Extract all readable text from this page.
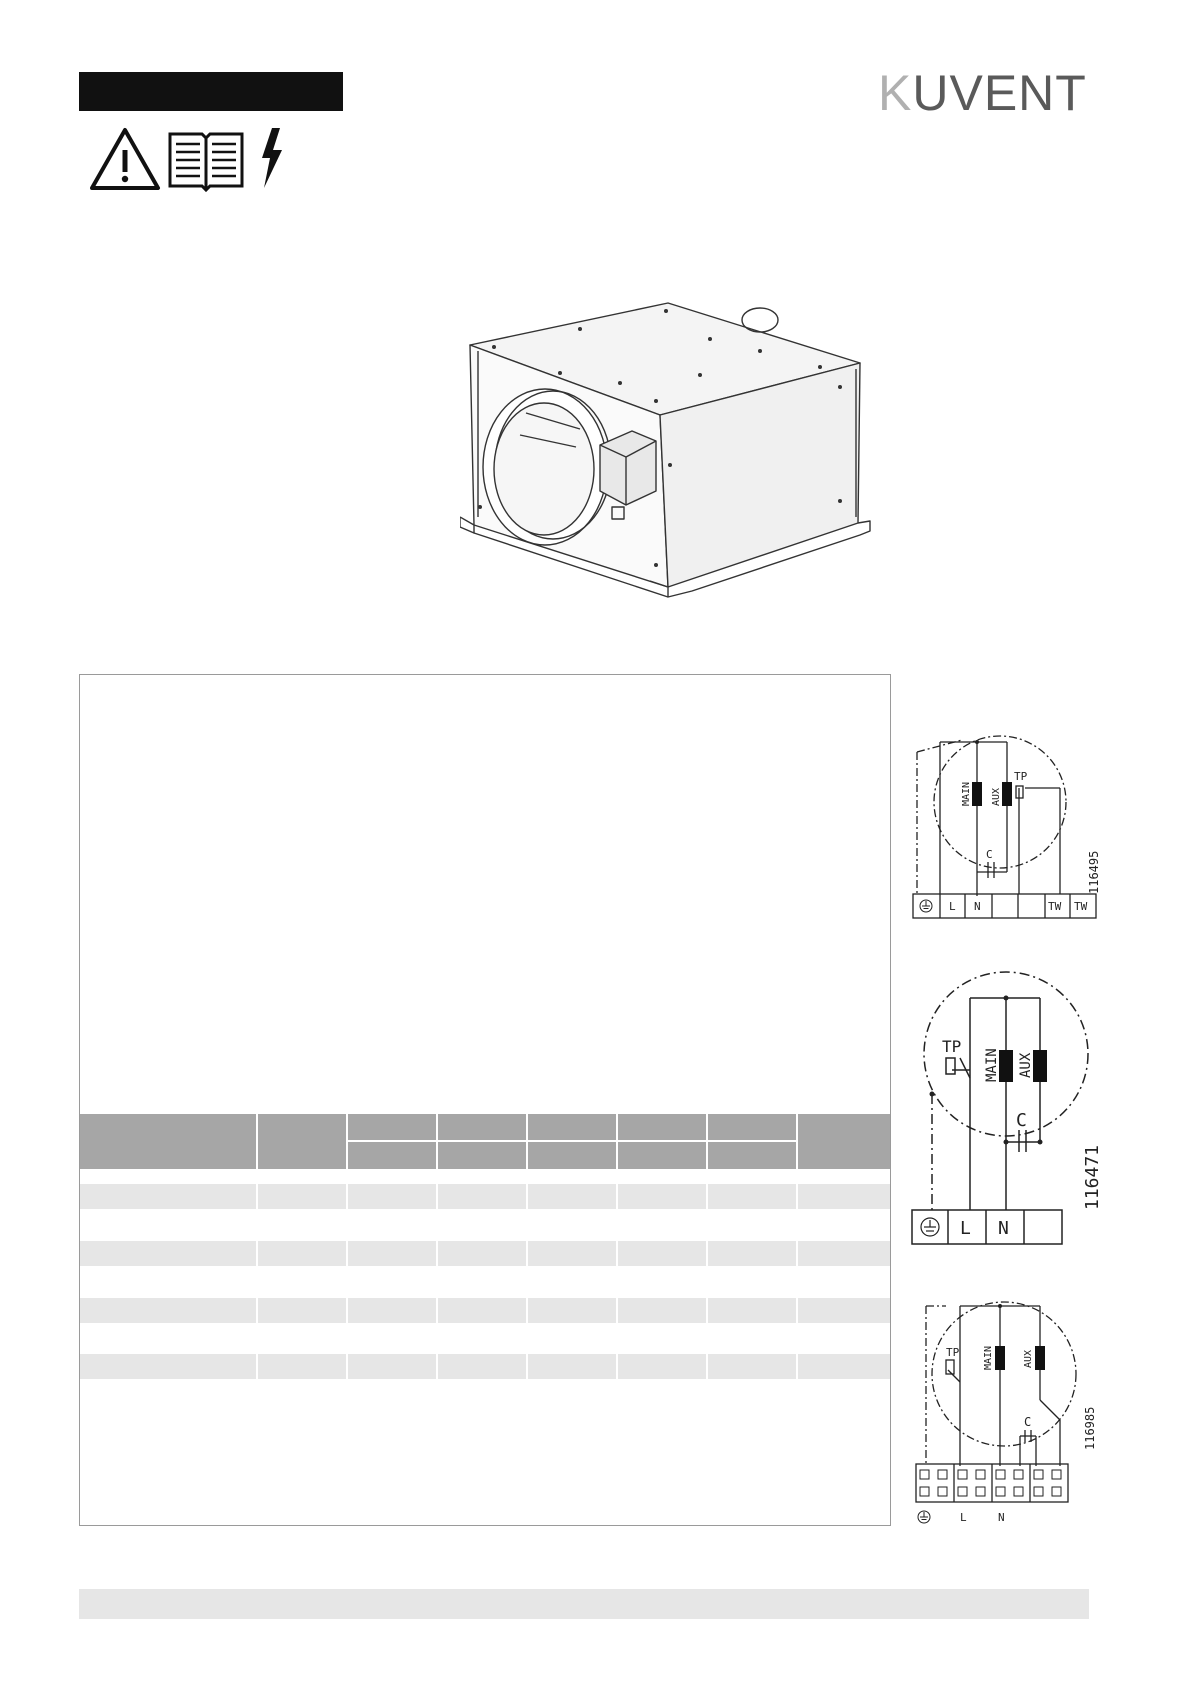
KUVENT
MAIN AUX
TP
C
L N	TW TW
116495
MAIN AUX
TP
C
L N
116471
MAIN	AUX
TP
C
L	N
116985
